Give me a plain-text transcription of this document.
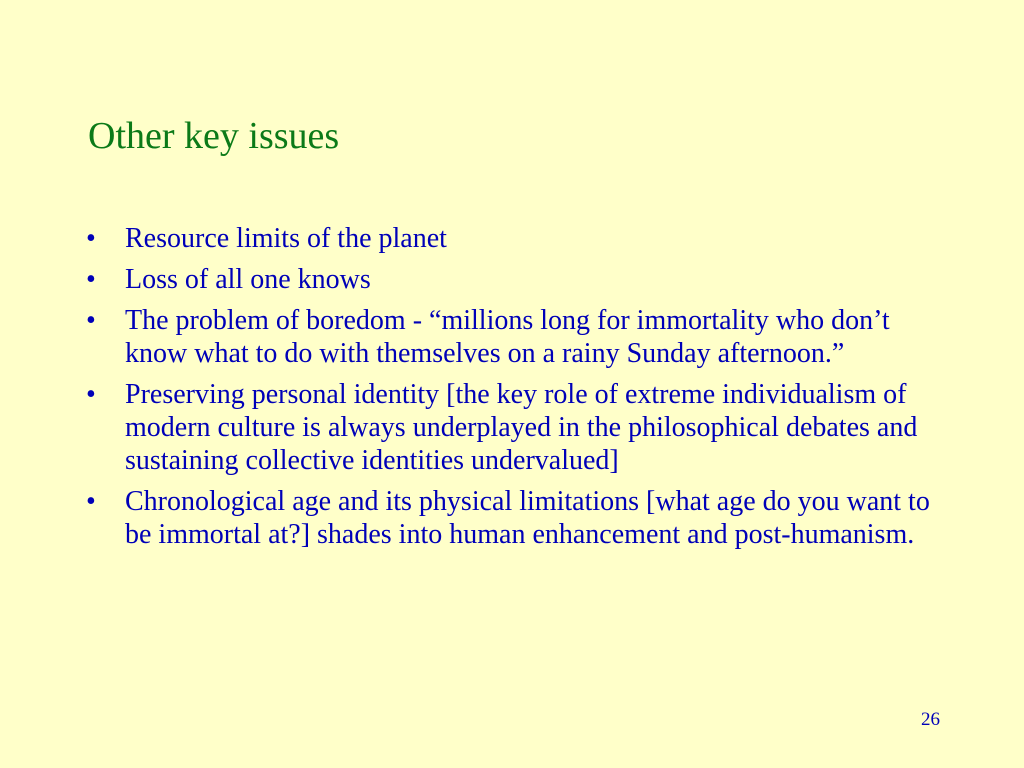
Other key issues
•	Resource limits of the planet
•	Loss of all one knows
•	The problem of boredom - “millions long for immortality who don’t know what to do with themselves on a rainy Sunday afternoon.”
•	Preserving personal identity [the key role of extreme individualism of modern culture is always underplayed in the philosophical debates and sustaining collective identities undervalued]
•	Chronological age and its physical limitations [what age do you want to be immortal at?] shades into human enhancement and post-humanism.
26
